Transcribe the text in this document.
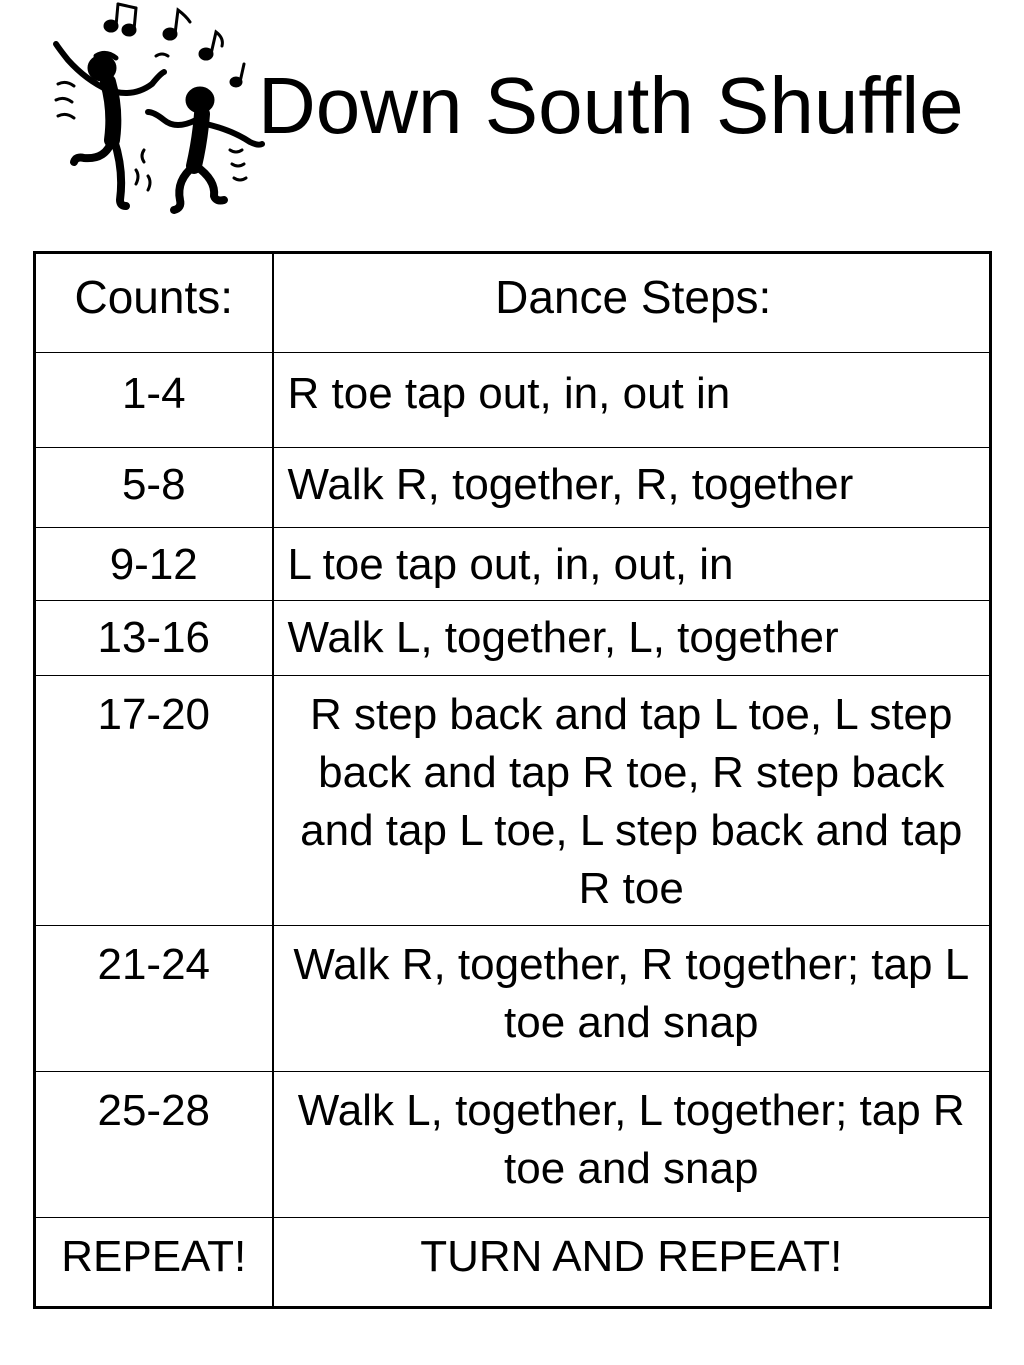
Down South Shuffle
Counts:	Dance Steps:
1-4	R toe tap out, in, out in
5-8	Walk R, together, R, together
9-12	L toe tap out, in, out, in
13-16	Walk L, together, L, together
17-20	R step back and tap L toe, L step back and tap R toe, R step back and tap L toe, L step back and tap R toe
21-24	Walk R, together, R together; tap L toe and snap
25-28	Walk L, together, L together; tap R toe and snap
REPEAT!	TURN AND REPEAT!
